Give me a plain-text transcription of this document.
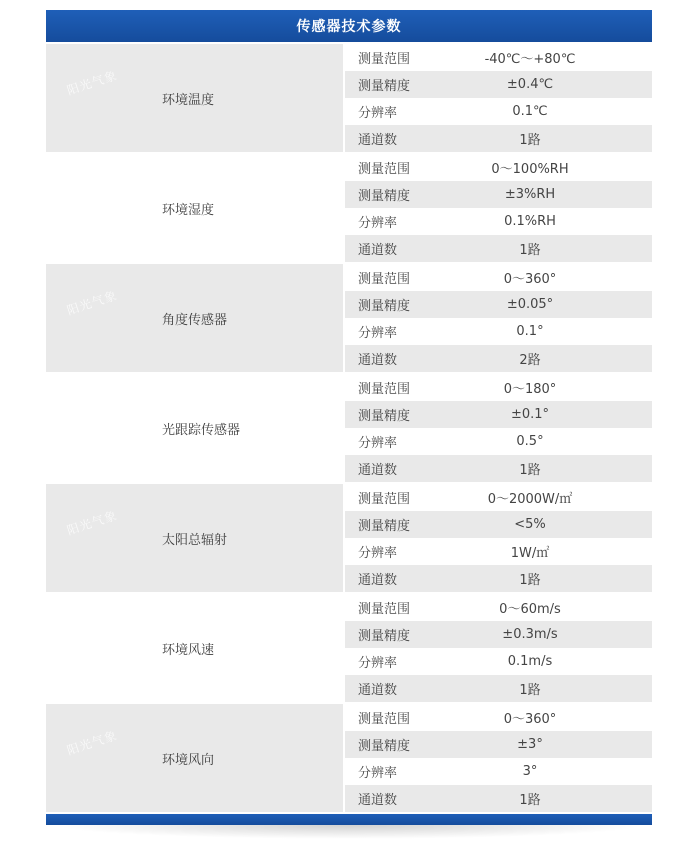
传感器技术参数
环境温度
阳光气象
测量范围	-40℃～+80℃
测量精度	±0.4℃
分辨率	0.1℃
通道数	1路
环境湿度
阳光气象
测量范围	0～100%RH
测量精度	±3%RH
分辨率	0.1%RH
通道数	1路
角度传感器
阳光气象
测量范围	0～360°
测量精度	±0.05°
分辨率	0.1°
通道数	2路
光跟踪传感器
阳光气象
测量范围	0～180°
测量精度	±0.1°
分辨率	0.5°
通道数	1路
太阳总辐射
阳光气象
测量范围	0～2000W/㎡
测量精度	<5%
分辨率	1W/㎡
通道数	1路
环境风速
阳光气象
测量范围	0～60m/s
测量精度	±0.3m/s
分辨率	0.1m/s
通道数	1路
环境风向
阳光气象
测量范围	0～360°
测量精度	±3°
分辨率	3°
通道数	1路
